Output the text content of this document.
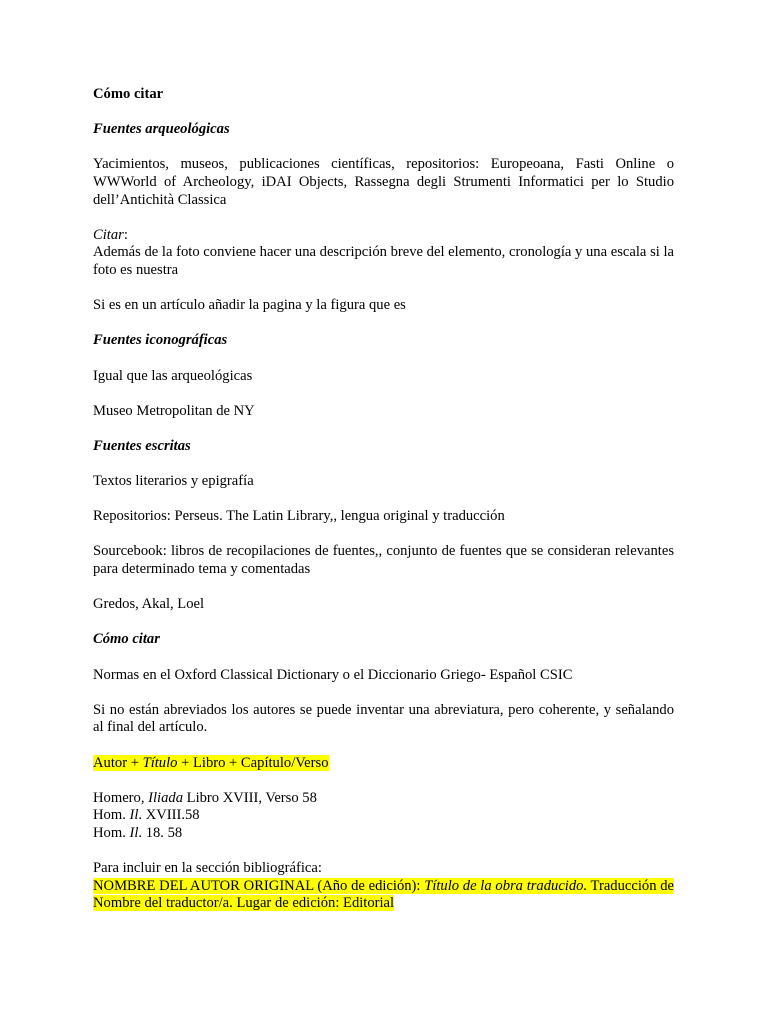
Cómo citar

Fuentes arqueológicas

Yacimientos, museos, publicaciones científicas, repositorios: Europeoana, Fasti Online o WWWorld of Archeology, iDAI Objects, Rassegna degli Strumenti Informatici per lo Studio dell’Antichità Classica

Citar:
Además de la foto conviene hacer una descripción breve del elemento, cronología y una escala si la foto es nuestra

Si es en un artículo añadir la pagina y la figura que es

Fuentes iconográficas

Igual que las arqueológicas

Museo Metropolitan de NY

Fuentes escritas

Textos literarios y epigrafía

Repositorios: Perseus. The Latin Library,, lengua original y traducción

Sourcebook: libros de recopilaciones de fuentes,, conjunto de fuentes que se consideran relevantes para determinado tema y comentadas

Gredos, Akal, Loel

Cómo citar

Normas en el Oxford Classical Dictionary o el Diccionario Griego- Español CSIC

Si no están abreviados los autores se puede inventar una abreviatura, pero coherente, y señalando al final del artículo.

Autor + Título + Libro + Capítulo/Verso

Homero, Iliada Libro XVIII, Verso 58
Hom. Il. XVIII.58
Hom. Il. 18. 58

Para incluir en la sección bibliográfica:
NOMBRE DEL AUTOR ORIGINAL (Año de edición): Título de la obra traducido. Traducción de Nombre del traductor/a. Lugar de edición: Editorial
